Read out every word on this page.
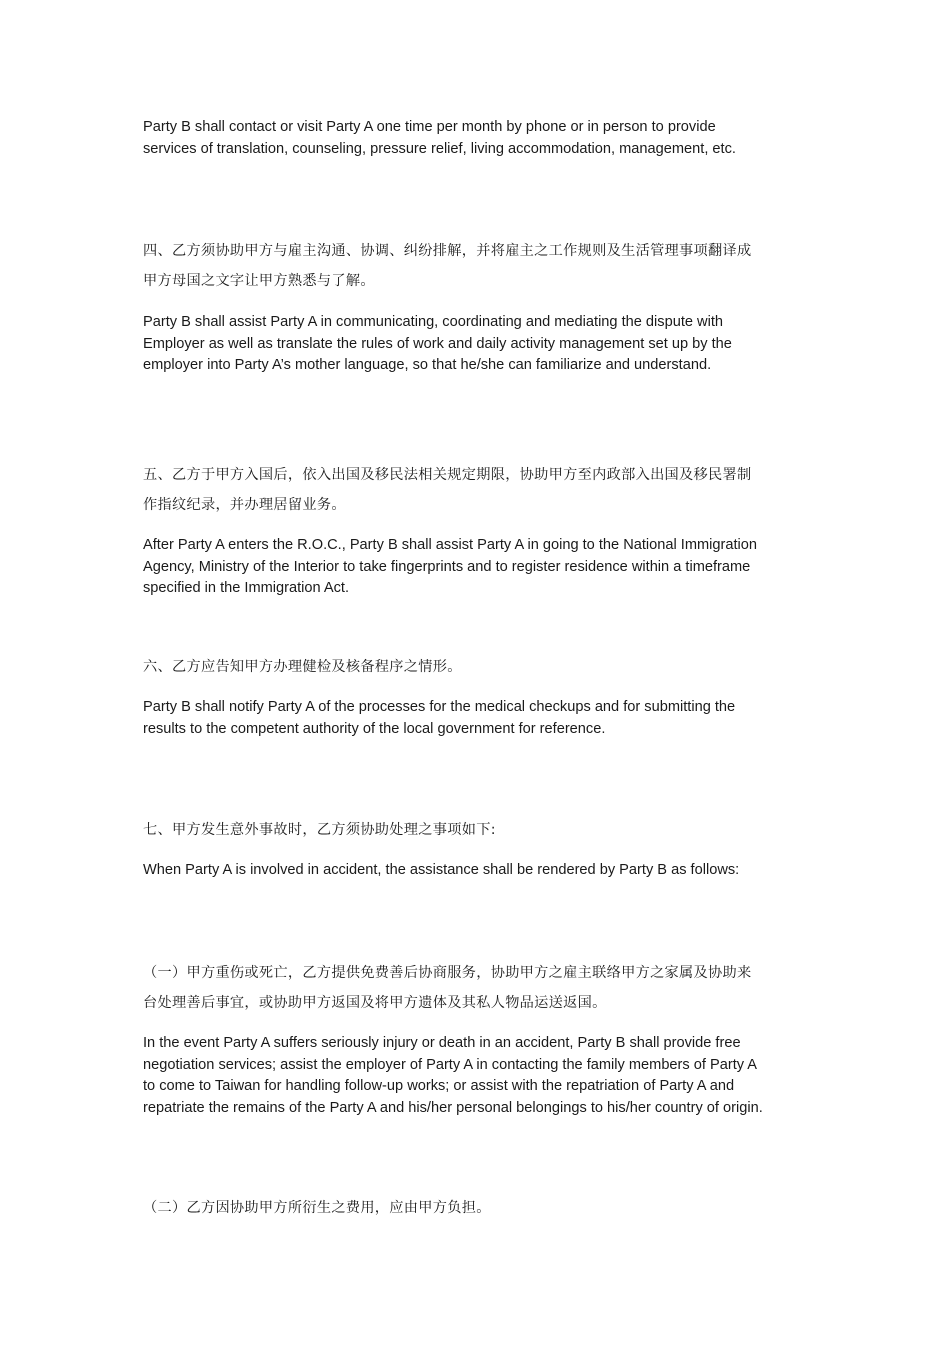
Party B shall contact or visit Party A one time per month by phone or in person to provide services of translation, counseling, pressure relief, living accommodation, management, etc.

四、乙方须协助甲方与雇主沟通、协调、纠纷排解，并将雇主之工作规则及生活管理事项翻译成甲方母国之文字让甲方熟悉与了解。

Party B shall assist Party A in communicating, coordinating and mediating the dispute with Employer as well as translate the rules of work and daily activity management set up by the employer into Party A’s mother language, so that he/she can familiarize and understand.

五、乙方于甲方入国后，依入出国及移民法相关规定期限，协助甲方至内政部入出国及移民署制作指纹纪录，并办理居留业务。

After Party A enters the R.O.C., Party B shall assist Party A in going to the National Immigration Agency, Ministry of the Interior to take fingerprints and to register residence within a timeframe specified in the Immigration Act.

六、乙方应告知甲方办理健检及核备程序之情形。

Party B shall notify Party A of the processes for the medical checkups and for submitting the results to the competent authority of the local government for reference.

七、甲方发生意外事故时，乙方须协助处理之事项如下:

When Party A is involved in accident, the assistance shall be rendered by Party B as follows:

（一）甲方重伤或死亡，乙方提供免费善后协商服务，协助甲方之雇主联络甲方之家属及协助来台处理善后事宜，或协助甲方返国及将甲方遗体及其私人物品运送返国。

In the event Party A suffers seriously injury or death in an accident, Party B shall provide free negotiation services; assist the employer of Party A in contacting the family members of Party A to come to Taiwan for handling follow-up works; or assist with the repatriation of Party A and repatriate the remains of the Party A and his/her personal belongings to his/her country of origin.

（二）乙方因协助甲方所衍生之费用，应由甲方负担。
